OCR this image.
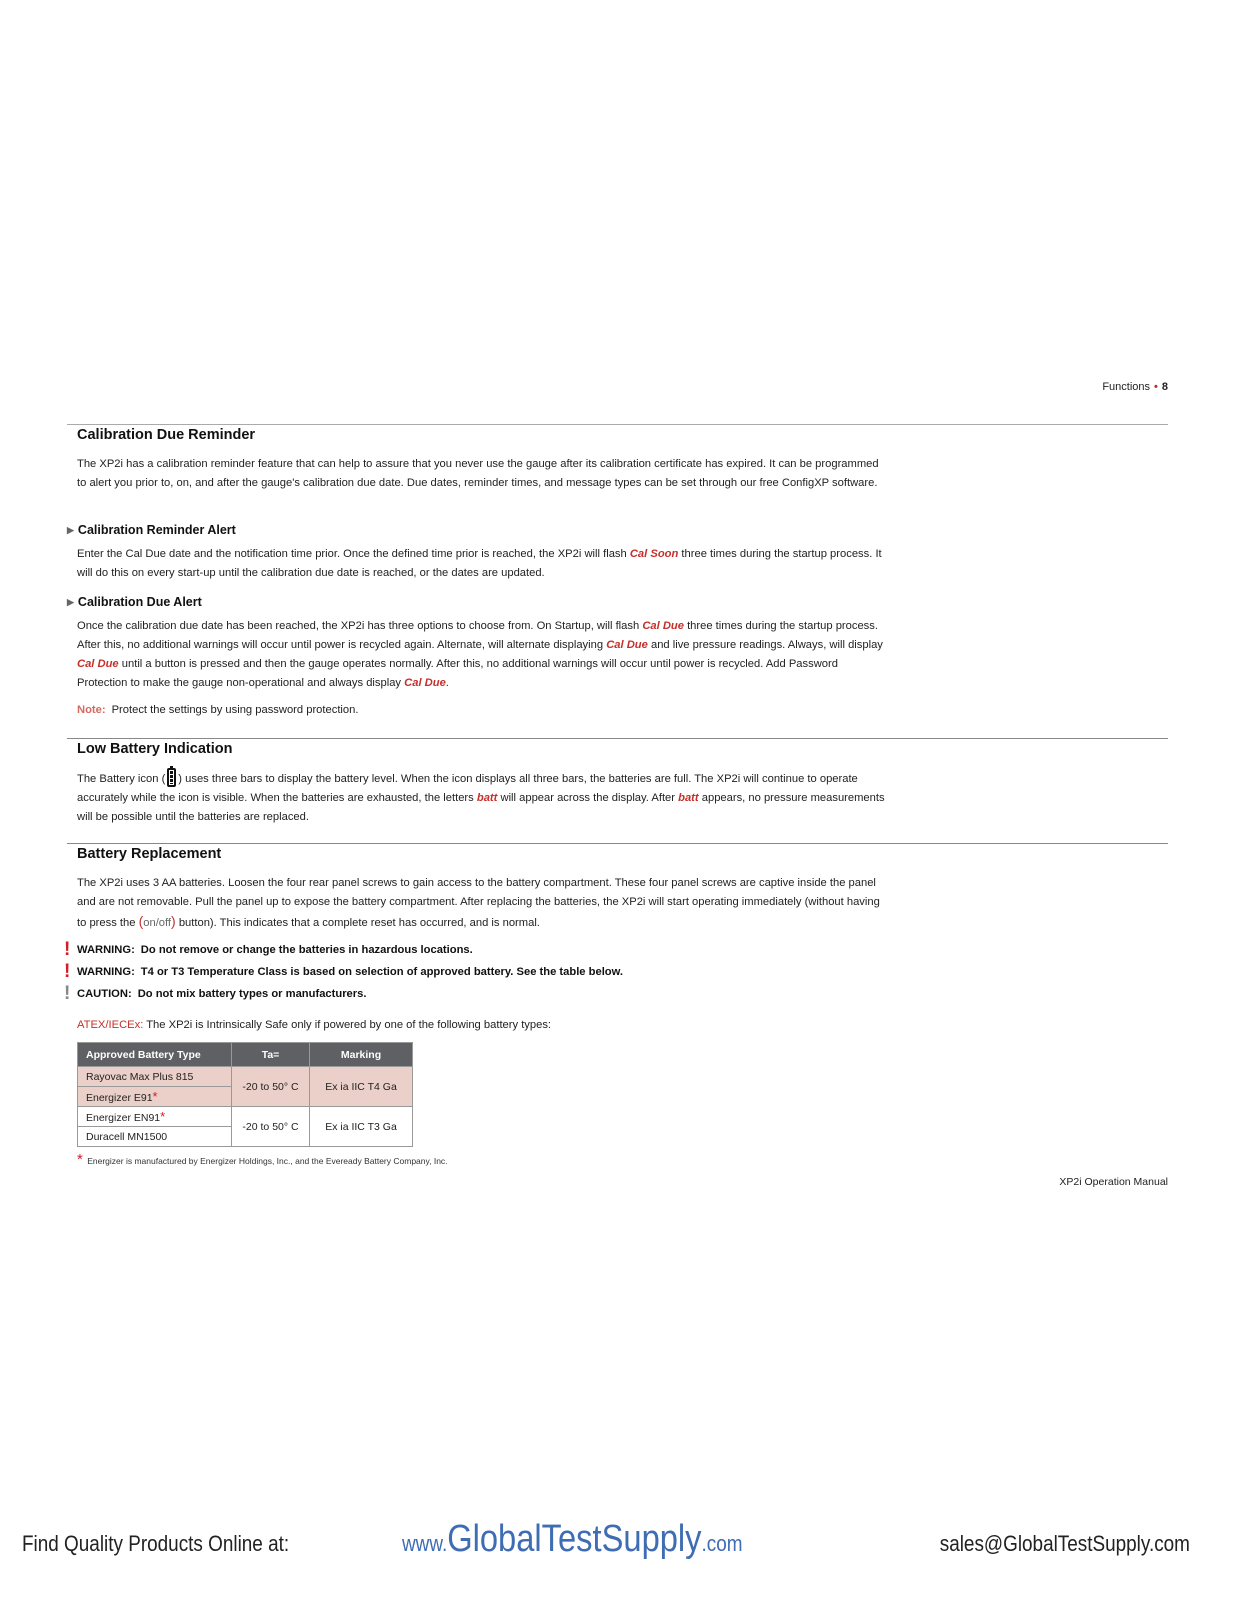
Functions • 8
Calibration Due Reminder

The XP2i has a calibration reminder feature that can help to assure that you never use the gauge after its calibration certificate has expired. It can be programmed to alert you prior to, on, and after the gauge's calibration due date. Due dates, reminder times, and message types can be set through our free ConfigXP software.

▶ Calibration Reminder Alert

Enter the Cal Due date and the notification time prior. Once the defined time prior is reached, the XP2i will flash Cal Soon three times during the startup process. It will do this on every start-up until the calibration due date is reached, or the dates are updated.

▶ Calibration Due Alert

Once the calibration due date has been reached, the XP2i has three options to choose from. On Startup, will flash Cal Due three times during the startup process. After this, no additional warnings will occur until power is recycled again. Alternate, will alternate displaying Cal Due and live pressure readings. Always, will display Cal Due until a button is pressed and then the gauge operates normally. After this, no additional warnings will occur until power is recycled. Add Password Protection to make the gauge non-operational and always display Cal Due.

Note: Protect the settings by using password protection.

Low Battery Indication

The Battery icon ( ) uses three bars to display the battery level. When the icon displays all three bars, the batteries are full. The XP2i will continue to operate accurately while the icon is visible. When the batteries are exhausted, the letters batt will appear across the display. After batt appears, no pressure measurements will be possible until the batteries are replaced.

Battery Replacement

The XP2i uses 3 AA batteries. Loosen the four rear panel screws to gain access to the battery compartment. These four panel screws are captive inside the panel and are not removable. Pull the panel up to expose the battery compartment. After replacing the batteries, the XP2i will start operating immediately (without having to press the (on/off) button). This indicates that a complete reset has occurred, and is normal.

! WARNING: Do not remove or change the batteries in hazardous locations.
! WARNING: T4 or T3 Temperature Class is based on selection of approved battery. See the table below.
! CAUTION: Do not mix battery types or manufacturers.

ATEX/IECEx: The XP2i is Intrinsically Safe only if powered by one of the following battery types:

Approved Battery Type	Ta=	Marking
Rayovac Max Plus 815	-20 to 50° C	Ex ia IIC T4 Ga
Energizer E91*		
Energizer EN91*	-20 to 50° C	Ex ia IIC T3 Ga
Duracell MN1500		
* Energizer is manufactured by Energizer Holdings, Inc., and the Eveready Battery Company, Inc.
XP2i Operation Manual
Find Quality Products Online at:	www.GlobalTestSupply.com	sales@GlobalTestSupply.com
